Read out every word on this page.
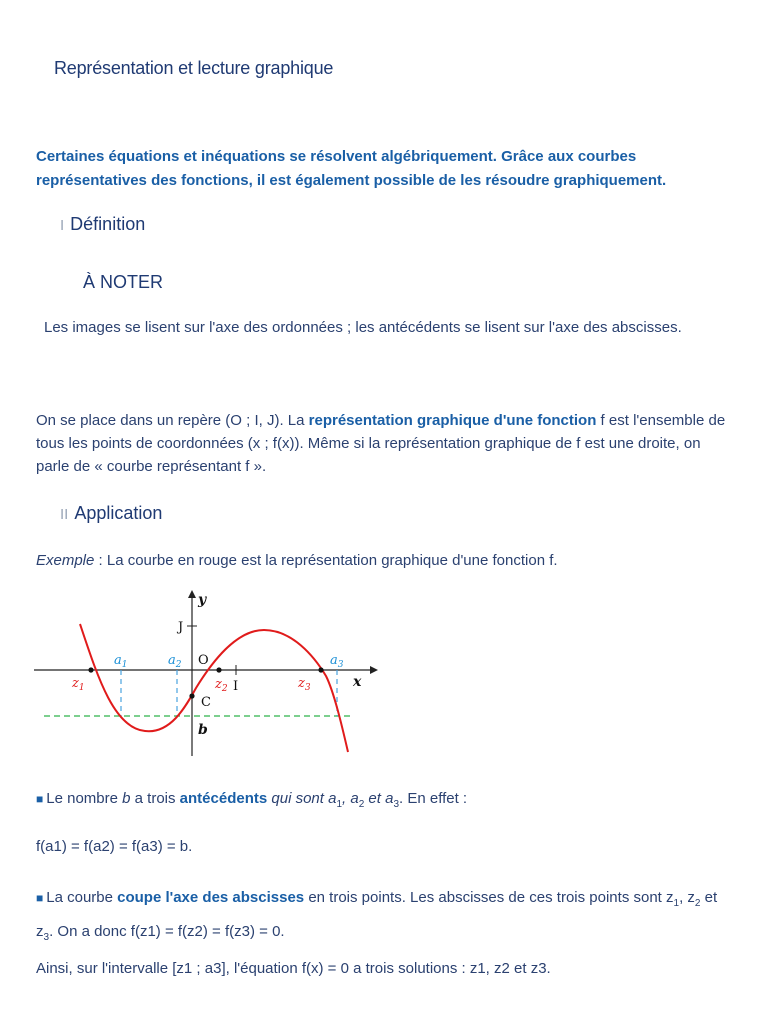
Représentation et lecture graphique
Certaines équations et inéquations se résolvent algébriquement. Grâce aux courbes représentatives des fonctions, il est également possible de les résoudre graphiquement.
I Définition
À NOTER
Les images se lisent sur l'axe des ordonnées ; les antécédents se lisent sur l'axe des abscisses.
On se place dans un repère (O ; I, J). La représentation graphique d'une fonction f est l'ensemble de tous les points de coordonnées (x ; f(x)). Même si la représentation graphique de f est une droite, on parle de « courbe représentant f ».
II Application
Exemple : La courbe en rouge est la représentation graphique d'une fonction f.
y
J
O
I
C
b
x
$a_1$	$a_2$	$a_3$
$z_1$	$z_2$	$z_3$
■ Le nombre b a trois antécédents qui sont $a_1$, $a_2$ et $a_3$. En effet :
f(a1) = f(a2) = f(a3) = b.
■ La courbe coupe l'axe des abscisses en trois points. Les abscisses de ces trois points sont $z_1$, $z_2$ et $z_3$. On a donc f(z1) = f(z2) = f(z3) = 0.
Ainsi, sur l'intervalle [z1 ; a3], l'équation f(x) = 0 a trois solutions : z1, z2 et z3.
